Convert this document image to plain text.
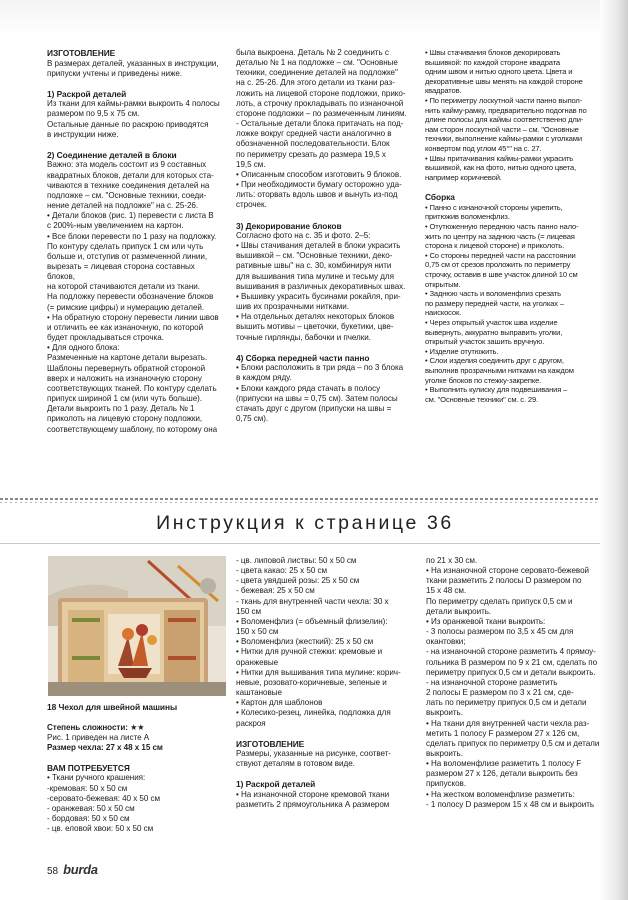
ИЗГОТОВЛЕНИЕ

В размерах деталей, указанных в инструкции,

припуски учтены и приведены ниже.

1) Раскрой деталей

Из ткани для каймы-рамки выкроить 4 полосы

размером по 9,5 х 75 см.

Остальные данные по раскрою приводятся

в инструкции ниже.

2) Соединение деталей в блоки

Важно: эта модель состоит из 9 составных

квадратных блоков, детали для которых ста-

чиваются в технике соединения деталей на

подложке – см. "Основные техники, соеди-

нение деталей на подложке" на с. 25-26.

• Детали блоков (рис. 1) перевести с листа В

с 200%-ным увеличением на картон.

• Все блоки перевести по 1 разу на подложку.

По контуру сделать припуск 1 см или чуть

больше и, отступив от размеченной линии,

вырезать = лицевая сторона составных блоков,

на которой стачиваются детали из ткани.

На подложку перевести обозначение блоков

(= римские цифры) и нумерацию деталей.

• На обратную сторону перевести линии швов

и отличить ее как изнаночную, по которой

будет прокладываться строчка.

• Для одного блока:

Размеченные на картоне детали вырезать.

Шаблоны перевернуть обратной стороной

вверх и наложить на изнаночную сторону

соответствующих тканей. По контуру сделать

припуск шириной 1 см (или чуть больше).

Детали выкроить по 1 разу. Деталь № 1

приколоть на лицевую сторону подложки,

соответствующему шаблону, по которому она

была выкроена. Деталь № 2 соединить с

деталью № 1 на подложке – см. "Основные

техники, соединение деталей на подложке"

на с. 25-26. Для этого детали из ткани раз-

ложить на лицевой стороне подложки, прико-

лоть, а строчку прокладывать по изнаночной

стороне подложки – по размеченным линиям.

- Остальные детали блока притачать на под-

ложке вокруг средней части аналогично в

обозначенной последовательности. Блок

по периметру срезать до размера 19,5 х

19,5 см.

• Описанным способом изготовить 9 блоков.

• При необходимости бумагу осторожно уда-

лить: оторвать вдоль швов и вынуть из-под

строчек.

3) Декорирование блоков

Согласно фото на с. 35 и фото. 2–5:

• Швы стачивания деталей в блоки украсить

вышивкой – см. "Основные техники, деко-

ративные швы" на с. 30, комбинируя нити

для вышивания типа мулине и тесьму для

вышивания в различных декоративных швах.

• Вышивку украсить бусинами рокайля, при-

шив их прозрачными нитками.

• На отдельных деталях некоторых блоков

вышить мотивы – цветочки, букетики, цве-

точные гирлянды, бабочки и пчелки.

4) Сборка передней части панно

• Блоки расположить в три ряда – по 3 блока

в каждом ряду.

• Блоки каждого ряда стачать в полосу

(припуски на швы = 0,75 см). Затем полосы

стачать друг с другом (припуски на швы =

0,75 см).

• Швы стачивания блоков декорировать

вышивкой: по каждой стороне квадрата

одним швом и нитью одного цвета. Цвета и

декоративные швы менять на каждой стороне

квадратов.

• По периметру лоскутной части панно выпол-

нить кайму-рамку, предварительно подогнав по

длине полосы для каймы соответственно дли-

нам сторон лоскутной части – см. "Основные

техники, выполнение каймы-рамки с уголками

конвертом под углом 45°" на с. 27.

• Швы притачивания каймы-рамки украсить

вышивкой, как на фото, нитью одного цвета,

например коричневой.

Сборка

• Панно с изнаночной стороны укрепить,

притюжив воломенфлиз.

• Отутюженную переднюю часть панно нало-

жить по центру на заднюю часть (= лицевая

сторона к лицевой стороне) и приколоть.

• Со стороны передней части на расстоянии

0,75 см от срезов проложить по периметру

строчку, оставив в шве участок длиной 10 см

открытым.

• Заднюю часть и воломенфлиз срезать

по размеру передней части, на уголках –

наискосок.

• Через открытый участок шва изделие

вывернуть, аккуратно выправить уголки,

открытый участок зашить вручную.

• Изделие отутюжить.

• Слои изделия соединить друг с другом,

выполнив прозрачными нитками на каждом

уголке блоков по стежку-закрепке.

• Выполнить кулиску для подвешивания –

см. "Основные техники" см. с. 29.

Инструкция к странице 36
18 Чехол для швейной машины

Степень сложности: ★★

Рис. 1 приведен на листе А

Размер чехла: 27 х 48 х 15 см

ВАМ ПОТРЕБУЕТСЯ

• Ткани ручного крашения:

-кремовая: 50 х 50 см

-серовато-бежевая: 40 х 50 см

- оранжевая: 50 х 50 см

- бордовая: 50 х 50 см

- цв. еловой хвои: 50 х 50 см

- цв. липовой листвы: 50 х 50 см

- цвета какао: 25 х 50 см

- цвета увядшей розы: 25 х 50 см

- бежевая: 25 х 50 см

- ткань для внутренней части чехла: 30 х

150 см

• Воломенфлиз (= объемный флизелин):

150 х 50 см

• Воломенфлиз (жесткий): 25 х 50 см

• Нитки для ручной стежки: кремовые и

оранжевые

• Нитки для вышивания типа мулине: корич-

невые, розовато-коричневые, зеленые и

каштановые

• Картон для шаблонов

• Колесико-резец, линейка, подложка для

раскроя

ИЗГОТОВЛЕНИЕ

Размеры, указанные на рисунке, соответ-

ствуют деталям в готовом виде.

1) Раскрой деталей

• На изнаночной стороне кремовой ткани

разметить 2 прямоугольника А размером

по 21 х 30 см.

• На изнаночной стороне серовато-бежевой

ткани разметить 2 полосы D размером по

15 х 48 см.

По периметру сделать припуск 0,5 см и

детали выкроить.

• Из оранжевой ткани выкроить:

- 3 полосы размером по 3,5 х 45 см для

окантовки;

- на изнаночной стороне разметить 4 прямоу-

гольника В размером по 9 х 21 см, сделать по

периметру припуск 0,5 см и детали выкроить.

- на изнаночной стороне разметить

2 полосы Е размером по 3 х 21 см, сде-

лать по периметру припуск 0,5 см и детали

выкроить.

• На ткани для внутренней части чехла раз-

метить 1 полосу F размером 27 х 126 см,

сделать припуск по периметру 0,5 см и детали

выкроить.

• На воломенфлизе разметить 1 полосу F

размером 27 х 126, детали выкроить без

припусков.

• На жестком воломенфлизе разметить:

- 1 полосу D размером 15 х 48 см и выкроить

58 burda
